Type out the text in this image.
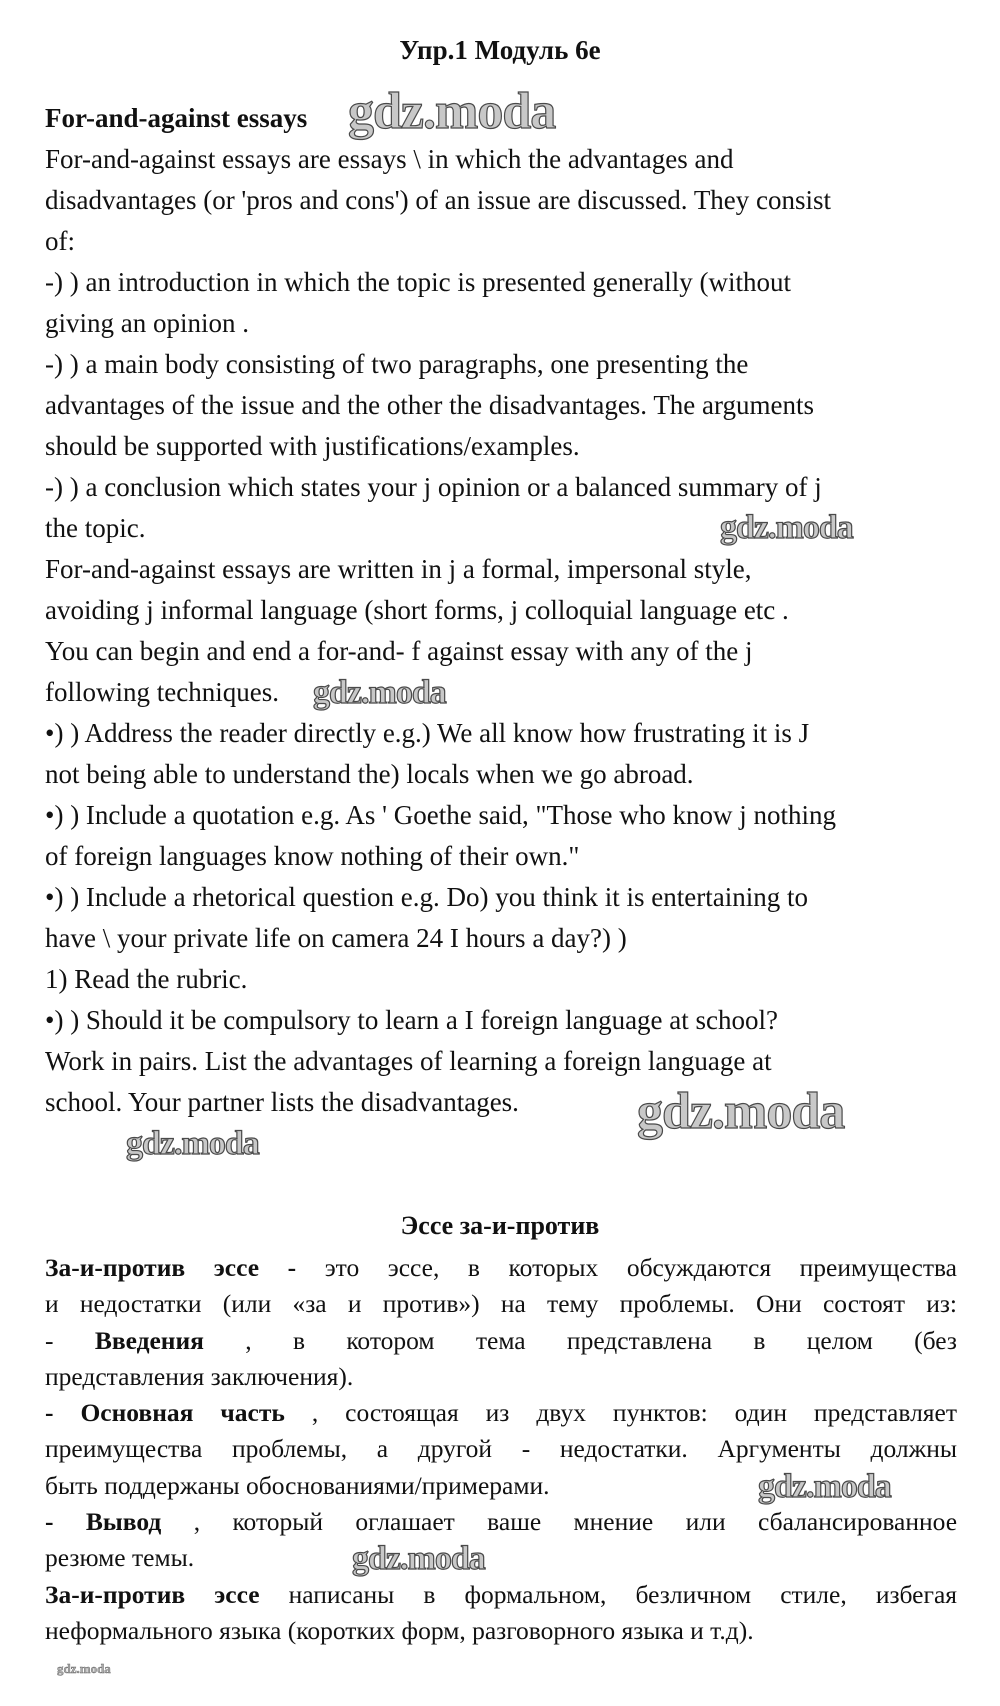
Упр.1 Модуль 6е
For-and-against essays
For-and-against essays are essays \ in which the advantages and
disadvantages (or 'pros and cons') of an issue are discussed. They consist
of:
-) ) an introduction in which the topic is presented generally (without
giving an opinion .
-) ) a main body consisting of two paragraphs, one presenting the
advantages of the issue and the other the disadvantages. The arguments
should be supported with justifications/examples.
-) ) a conclusion which states your j opinion or a balanced summary of j
the topic.
For-and-against essays are written in j a formal, impersonal style,
avoiding j informal language (short forms, j colloquial language etc .
You can begin and end a for-and- f against essay with any of the j
following techniques.
•) ) Address the reader directly e.g.) We all know how frustrating it is J
not being able to understand the) locals when we go abroad.
•) ) Include a quotation e.g. As ' Goethe said, "Those who know j nothing
of foreign languages know nothing of their own."
•) ) Include a rhetorical question e.g. Do) you think it is entertaining to
have \ your private life on camera 24 I hours a day?) )
1) Read the rubric.
•) ) Should it be compulsory to learn a I foreign language at school?
Work in pairs. List the advantages of learning a foreign language at
school. Your partner lists the disadvantages.
Эссе за-и-против
За-и-против эссе - это эссе, в которых обсуждаются преимущества
и недостатки (или «за и против») на тему проблемы. Они состоят из:
- Введения , в котором тема представлена в целом (без
представления заключения).
- Основная часть , состоящая из двух пунктов: один представляет
преимущества проблемы, а другой - недостатки. Аргументы должны
быть поддержаны обоснованиями/примерами.
- Вывод , который оглашает ваше мнение или сбалансированное
резюме темы.
За-и-против эссе написаны в формальном, безличном стиле, избегая
неформального языка (коротких форм, разговорного языка и т.д).
gdz.moda
gdz.moda
gdz.moda
gdz.moda
gdz.moda
gdz.moda
gdz.moda
gdz.moda
